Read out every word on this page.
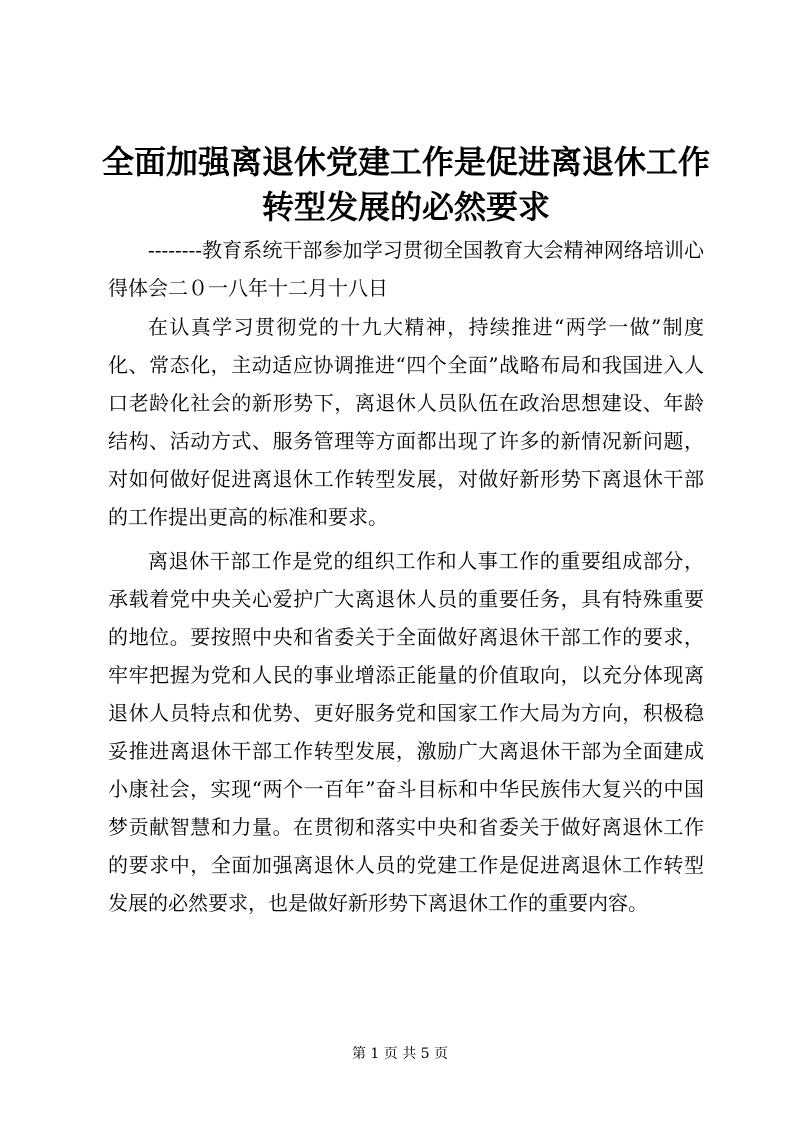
全面加强离退休党建工作是促进离退休工作转型发展的必然要求

--------教育系统干部参加学习贯彻全国教育大会精神网络培训心得体会二０一八年十二月十八日

在认真学习贯彻党的十九大精神，持续推进“两学一做”制度化、常态化，主动适应协调推进“四个全面”战略布局和我国进入人口老龄化社会的新形势下，离退休人员队伍在政治思想建设、年龄结构、活动方式、服务管理等方面都出现了许多的新情况新问题，对如何做好促进离退休工作转型发展，对做好新形势下离退休干部的工作提出更高的标准和要求。

离退休干部工作是党的组织工作和人事工作的重要组成部分，承载着党中央关心爱护广大离退休人员的重要任务，具有特殊重要的地位。要按照中央和省委关于全面做好离退休干部工作的要求，牢牢把握为党和人民的事业增添正能量的价值取向，以充分体现离退休人员特点和优势、更好服务党和国家工作大局为方向，积极稳妥推进离退休干部工作转型发展，激励广大离退休干部为全面建成小康社会，实现“两个一百年”奋斗目标和中华民族伟大复兴的中国梦贡献智慧和力量。在贯彻和落实中央和省委关于做好离退休工作的要求中，全面加强离退休人员的党建工作是促进离退休工作转型发展的必然要求，也是做好新形势下离退休工作的重要内容。

第 1 页 共 5 页
